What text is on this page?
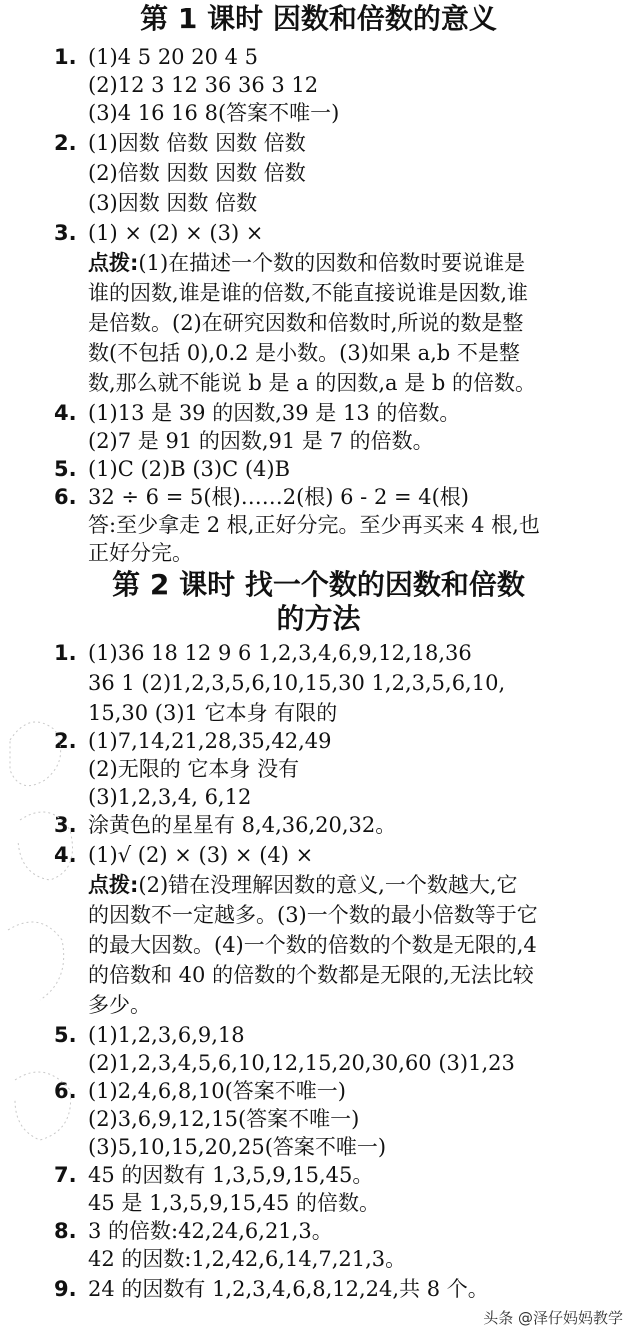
第 1 课时 因数和倍数的意义
1. (1)4 5 20 20 4 5
(2)12 3 12 36 36 3 12
(3)4 16 16 8(答案不唯一)
2. (1)因数 倍数 因数 倍数
(2)倍数 因数 因数 倍数
(3)因数 因数 倍数
3. (1) × (2) × (3) ×
点拨:(1)在描述一个数的因数和倍数时要说谁是
谁的因数,谁是谁的倍数,不能直接说谁是因数,谁
是倍数。(2)在研究因数和倍数时,所说的数是整
数(不包括 0),0.2 是小数。(3)如果 a,b 不是整
数,那么就不能说 b 是 a 的因数,a 是 b 的倍数。
4. (1)13 是 39 的因数,39 是 13 的倍数。
(2)7 是 91 的因数,91 是 7 的倍数。
5. (1)C (2)B (3)C (4)B
6. 32 ÷ 6 = 5(根)……2(根) 6 - 2 = 4(根)
答:至少拿走 2 根,正好分完。至少再买来 4 根,也
正好分完。
第 2 课时 找一个数的因数和倍数
的方法
1. (1)36 18 12 9 6 1,2,3,4,6,9,12,18,36
36 1 (2)1,2,3,5,6,10,15,30 1,2,3,5,6,10,
15,30 (3)1 它本身 有限的
2. (1)7,14,21,28,35,42,49
(2)无限的 它本身 没有
(3)1,2,3,4, 6,12
3. 涂黄色的星星有 8,4,36,20,32。
4. (1)√ (2) × (3) × (4) ×
点拨:(2)错在没理解因数的意义,一个数越大,它
的因数不一定越多。(3)一个数的最小倍数等于它
的最大因数。(4)一个数的倍数的个数是无限的,4
的倍数和 40 的倍数的个数都是无限的,无法比较
多少。
5. (1)1,2,3,6,9,18
(2)1,2,3,4,5,6,10,12,15,20,30,60 (3)1,23
6. (1)2,4,6,8,10(答案不唯一)
(2)3,6,9,12,15(答案不唯一)
(3)5,10,15,20,25(答案不唯一)
7. 45 的因数有 1,3,5,9,15,45。
45 是 1,3,5,9,15,45 的倍数。
8. 3 的倍数:42,24,6,21,3。
42 的因数:1,2,42,6,14,7,21,3。
9. 24 的因数有 1,2,3,4,6,8,12,24,共 8 个。
头条 @泽仔妈妈教学
